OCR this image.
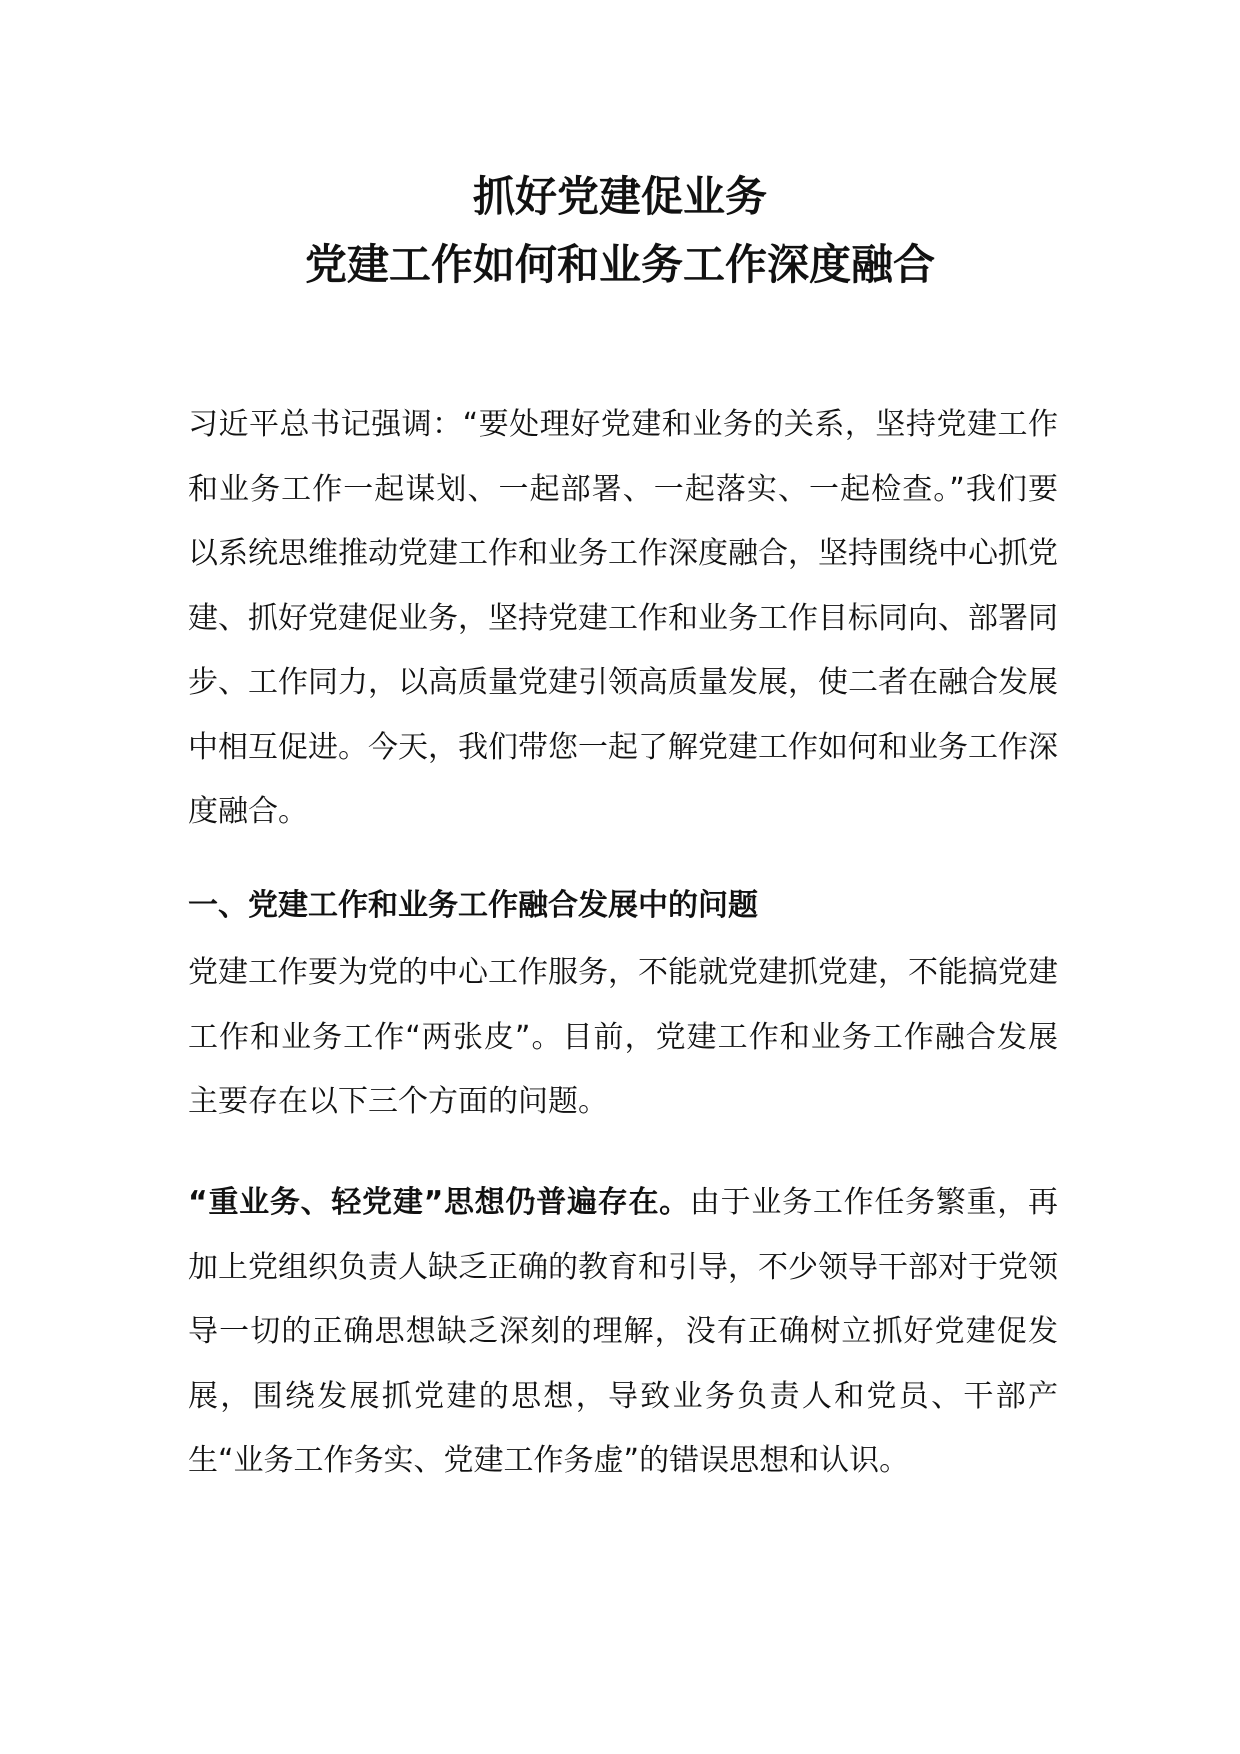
抓好党建促业务
党建工作如何和业务工作深度融合

习近平总书记强调：“要处理好党建和业务的关系，坚持党建工作和业务工作一起谋划、一起部署、一起落实、一起检查。”我们要以系统思维推动党建工作和业务工作深度融合，坚持围绕中心抓党建、抓好党建促业务，坚持党建工作和业务工作目标同向、部署同步、工作同力，以高质量党建引领高质量发展，使二者在融合发展中相互促进。今天，我们带您一起了解党建工作如何和业务工作深度融合。

一、党建工作和业务工作融合发展中的问题

党建工作要为党的中心工作服务，不能就党建抓党建，不能搞党建工作和业务工作“两张皮”。目前，党建工作和业务工作融合发展主要存在以下三个方面的问题。

“重业务、轻党建”思想仍普遍存在。由于业务工作任务繁重，再加上党组织负责人缺乏正确的教育和引导，不少领导干部对于党领导一切的正确思想缺乏深刻的理解，没有正确树立抓好党建促发展，围绕发展抓党建的思想，导致业务负责人和党员、干部产生“业务工作务实、党建工作务虚”的错误思想和认识。
